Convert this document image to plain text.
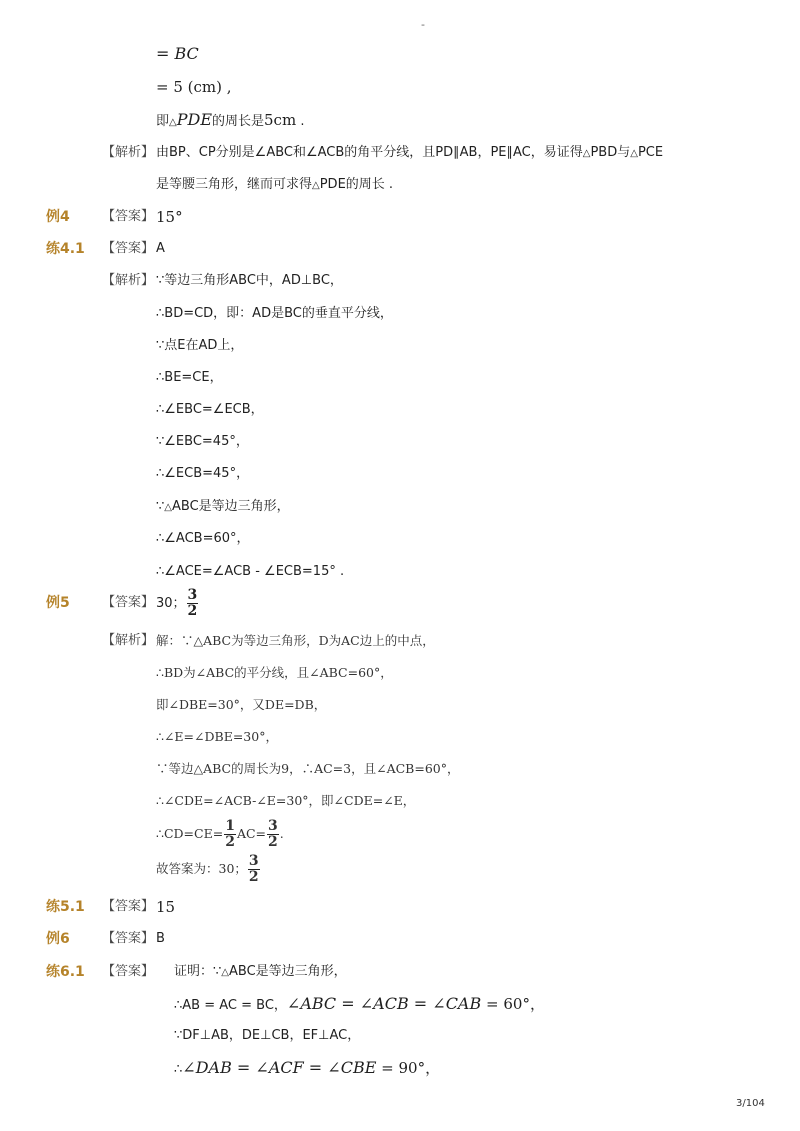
-
= BC
= 5 (cm) ,
即△PDE的周长是5cm .
【解析】 由BP、CP分别是∠ABC和∠ACB的角平分线，且PD∥AB，PE∥AC，易证得△PBD与△PCE
是等腰三角形，继而可求得△PDE的周长 .
例4 【答案】 15°
练4.1 【答案】 A
【解析】 ∵等边三角形ABC中，AD⊥BC，
∴BD=CD，即：AD是BC的垂直平分线，
∵点E在AD上，
∴BE=CE，
∴∠EBC=∠ECB，
∵∠EBC=45°，
∴∠ECB=45°，
∵△ABC是等边三角形，
∴∠ACB=60°，
∴∠ACE=∠ACB - ∠ECB=15° .
例5 【答案】 30； $\frac{3}{2}$
【解析】 解：∵△ABC为等边三角形，D为AC边上的中点，
∴BD为∠ABC的平分线，且∠ABC=60°，
即∠DBE=30°，又DE=DB，
∴∠E=∠DBE=30°，
∵等边△ABC的周长为9，∴AC=3，且∠ACB=60°，
∴∠CDE=∠ACB-∠E=30°，即∠CDE=∠E，
∴CD=CE= $\frac{1}{2} AC= \frac{3}{2}$ .
故答案为：30； $\frac{3}{2}$
练5.1 【答案】 15
例6 【答案】 B
练6.1 【答案】 证明：∵△ABC是等边三角形，
∴AB = AC = BC，∠ABC = ∠ACB = ∠CAB = 60°，
∵DF⊥AB，DE⊥CB，EF⊥AC，
∴∠DAB = ∠ACF = ∠CBE = 90°，
3/104
